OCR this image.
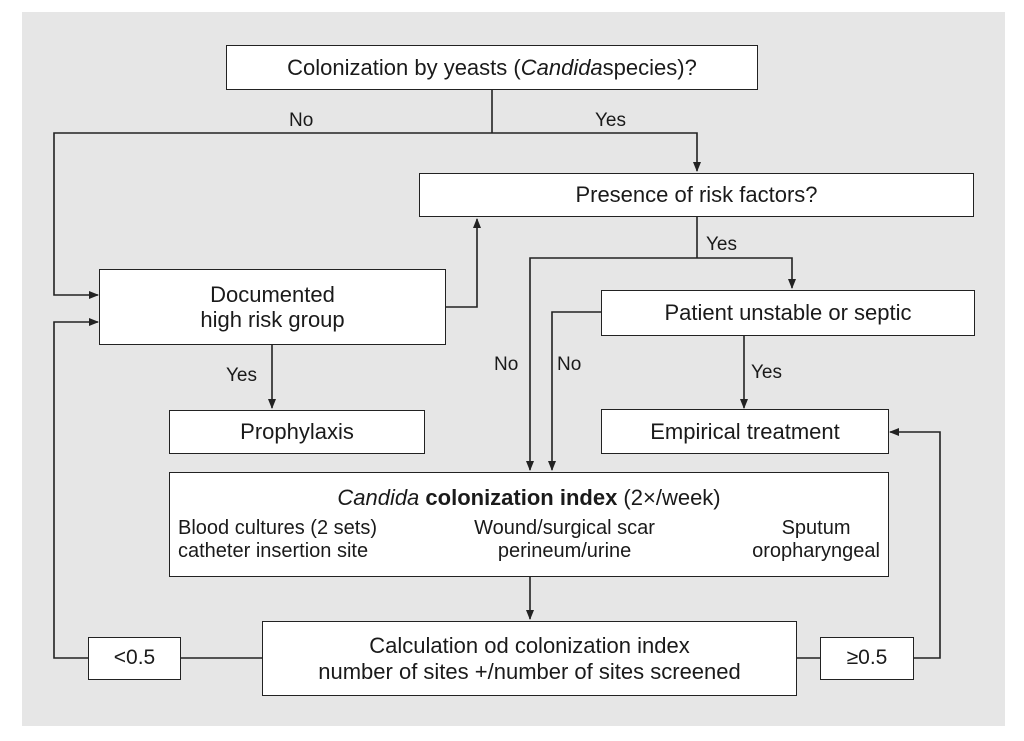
Colonization by yeasts ( Candida species)?
Presence of risk factors?
Documented
high risk group	Patient unstable or septic
Prophylaxis	Empirical treatment
Candida colonization index (2×/week)
Blood cultures (2 sets)
catheter insertion site
Wound/surgical scar
perineum/urine
Sputum
oropharyngeal
Calculation od colonization index
number of sites +/number of sites screened
<0.5	≥0.5
No	Yes
Yes
No No
Yes	Yes
